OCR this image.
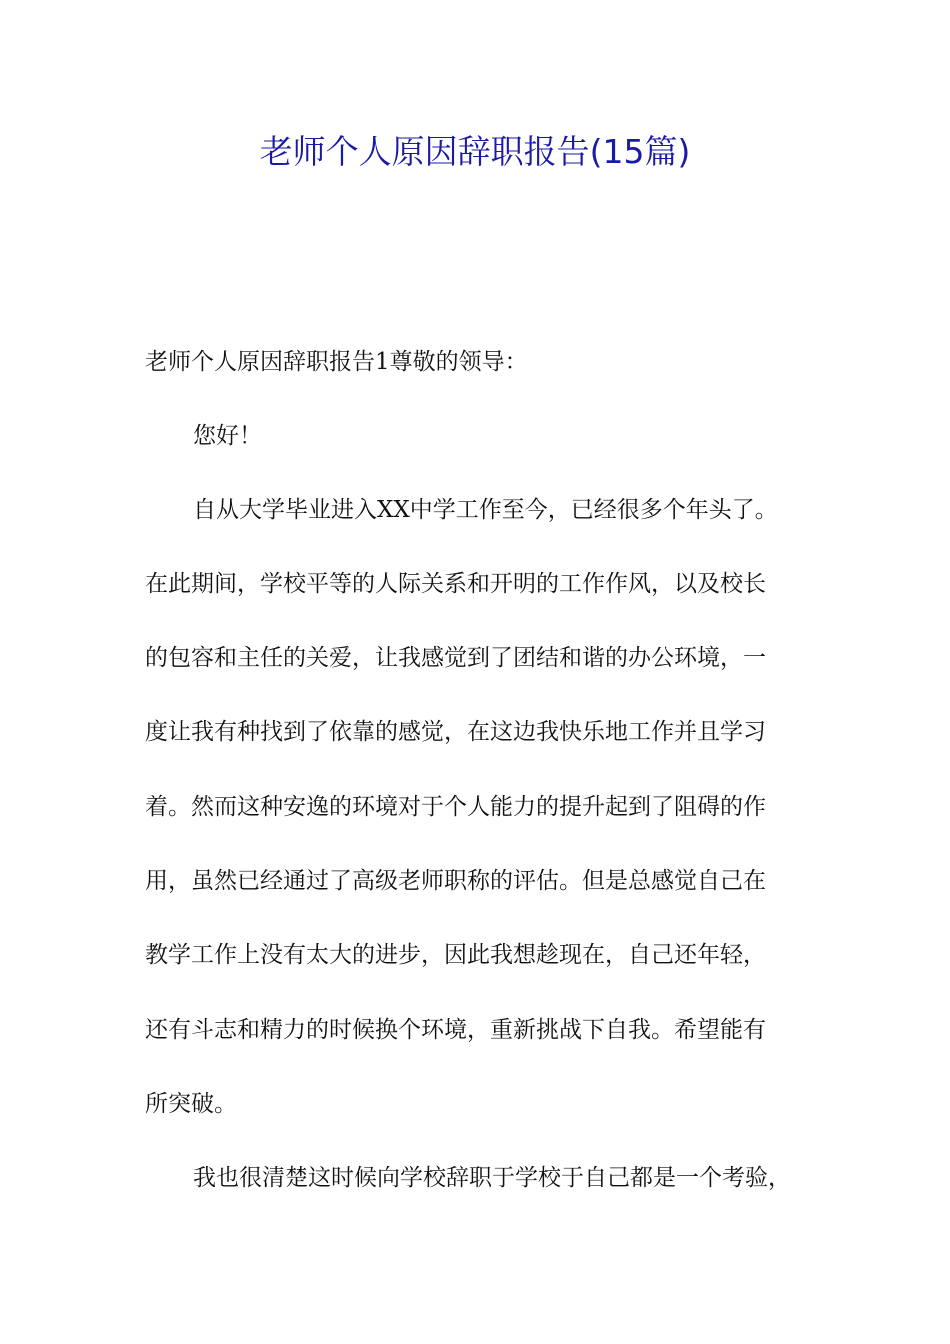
老师个人原因辞职报告(15篇)
老师个人原因辞职报告1尊敬的领导：
您好！
自从大学毕业进入XX中学工作至今，已经很多个年头了。
在此期间，学校平等的人际关系和开明的工作作风，以及校长
的包容和主任的关爱，让我感觉到了团结和谐的办公环境，一
度让我有种找到了依靠的感觉，在这边我快乐地工作并且学习
着。然而这种安逸的环境对于个人能力的提升起到了阻碍的作
用，虽然已经通过了高级老师职称的评估。但是总感觉自己在
教学工作上没有太大的进步，因此我想趁现在，自己还年轻，
还有斗志和精力的时候换个环境，重新挑战下自我。希望能有
所突破。
我也很清楚这时候向学校辞职于学校于自己都是一个考验，
